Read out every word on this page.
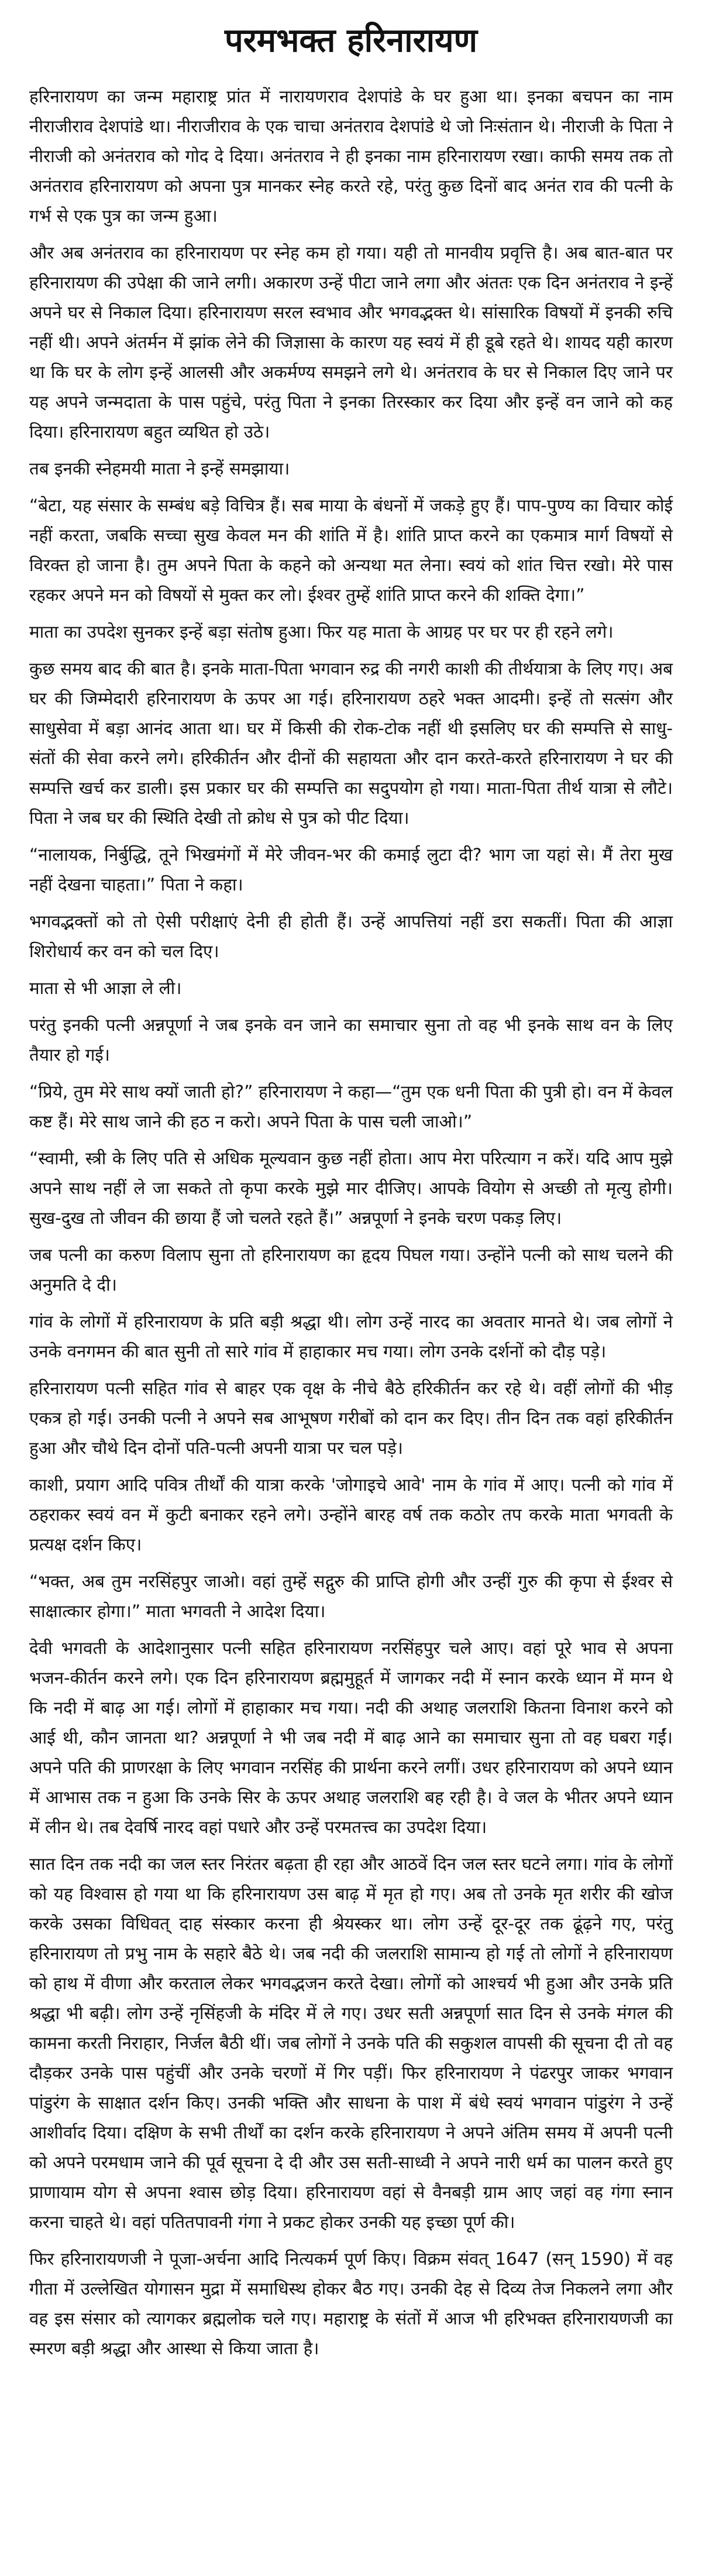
परमभक्त हरिनारायण

हरिनारायण का जन्म महाराष्ट्र प्रांत में नारायणराव देशपांडे के घर हुआ था। इनका बचपन का नाम नीराजीराव देशपांडे था। नीराजीराव के एक चाचा अनंतराव देशपांडे थे जो निःसंतान थे। नीराजी के पिता ने नीराजी को अनंतराव को गोद दे दिया। अनंतराव ने ही इनका नाम हरिनारायण रखा। काफी समय तक तो अनंतराव हरिनारायण को अपना पुत्र मानकर स्नेह करते रहे, परंतु कुछ दिनों बाद अनंत राव की पत्नी के गर्भ से एक पुत्र का जन्म हुआ।

और अब अनंतराव का हरिनारायण पर स्नेह कम हो गया। यही तो मानवीय प्रवृत्ति है। अब बात-बात पर हरिनारायण की उपेक्षा की जाने लगी। अकारण उन्हें पीटा जाने लगा और अंततः एक दिन अनंतराव ने इन्हें अपने घर से निकाल दिया। हरिनारायण सरल स्वभाव और भगवद्भक्त थे। सांसारिक विषयों में इनकी रुचि नहीं थी। अपने अंतर्मन में झांक लेने की जिज्ञासा के कारण यह स्वयं में ही डूबे रहते थे। शायद यही कारण था कि घर के लोग इन्हें आलसी और अकर्मण्य समझने लगे थे। अनंतराव के घर से निकाल दिए जाने पर यह अपने जन्मदाता के पास पहुंचे, परंतु पिता ने इनका तिरस्कार कर दिया और इन्हें वन जाने को कह दिया। हरिनारायण बहुत व्यथित हो उठे।

तब इनकी स्नेहमयी माता ने इन्हें समझाया।

“बेटा, यह संसार के सम्बंध बड़े विचित्र हैं। सब माया के बंधनों में जकड़े हुए हैं। पाप-पुण्य का विचार कोई नहीं करता, जबकि सच्चा सुख केवल मन की शांति में है। शांति प्राप्त करने का एकमात्र मार्ग विषयों से विरक्त हो जाना है। तुम अपने पिता के कहने को अन्यथा मत लेना। स्वयं को शांत चित्त रखो। मेरे पास रहकर अपने मन को विषयों से मुक्त कर लो। ईश्वर तुम्हें शांति प्राप्त करने की शक्ति देगा।”

माता का उपदेश सुनकर इन्हें बड़ा संतोष हुआ। फिर यह माता के आग्रह पर घर पर ही रहने लगे।

कुछ समय बाद की बात है। इनके माता-पिता भगवान रुद्र की नगरी काशी की तीर्थयात्रा के लिए गए। अब घर की जिम्मेदारी हरिनारायण के ऊपर आ गई। हरिनारायण ठहरे भक्त आदमी। इन्हें तो सत्संग और साधुसेवा में बड़ा आनंद आता था। घर में किसी की रोक-टोक नहीं थी इसलिए घर की सम्पत्ति से साधु-संतों की सेवा करने लगे। हरिकीर्तन और दीनों की सहायता और दान करते-करते हरिनारायण ने घर की सम्पत्ति खर्च कर डाली। इस प्रकार घर की सम्पत्ति का सदुपयोग हो गया। माता-पिता तीर्थ यात्रा से लौटे। पिता ने जब घर की स्थिति देखी तो क्रोध से पुत्र को पीट दिया।

“नालायक, निर्बुद्धि, तूने भिखमंगों में मेरे जीवन-भर की कमाई लुटा दी? भाग जा यहां से। मैं तेरा मुख नहीं देखना चाहता।” पिता ने कहा।

भगवद्भक्तों को तो ऐसी परीक्षाएं देनी ही होती हैं। उन्हें आपत्तियां नहीं डरा सकतीं। पिता की आज्ञा शिरोधार्य कर वन को चल दिए।

माता से भी आज्ञा ले ली।

परंतु इनकी पत्नी अन्नपूर्णा ने जब इनके वन जाने का समाचार सुना तो वह भी इनके साथ वन के लिए तैयार हो गई।

“प्रिये, तुम मेरे साथ क्यों जाती हो?” हरिनारायण ने कहा—“तुम एक धनी पिता की पुत्री हो। वन में केवल कष्ट हैं। मेरे साथ जाने की हठ न करो। अपने पिता के पास चली जाओ।”

“स्वामी, स्त्री के लिए पति से अधिक मूल्यवान कुछ नहीं होता। आप मेरा परित्याग न करें। यदि आप मुझे अपने साथ नहीं ले जा सकते तो कृपा करके मुझे मार दीजिए। आपके वियोग से अच्छी तो मृत्यु होगी। सुख-दुख तो जीवन की छाया हैं जो चलते रहते हैं।” अन्नपूर्णा ने इनके चरण पकड़ लिए।

जब पत्नी का करुण विलाप सुना तो हरिनारायण का हृदय पिघल गया। उन्होंने पत्नी को साथ चलने की अनुमति दे दी।

गांव के लोगों में हरिनारायण के प्रति बड़ी श्रद्धा थी। लोग उन्हें नारद का अवतार मानते थे। जब लोगों ने उनके वनगमन की बात सुनी तो सारे गांव में हाहाकार मच गया। लोग उनके दर्शनों को दौड़ पड़े।

हरिनारायण पत्नी सहित गांव से बाहर एक वृक्ष के नीचे बैठे हरिकीर्तन कर रहे थे। वहीं लोगों की भीड़ एकत्र हो गई। उनकी पत्नी ने अपने सब आभूषण गरीबों को दान कर दिए। तीन दिन तक वहां हरिकीर्तन हुआ और चौथे दिन दोनों पति-पत्नी अपनी यात्रा पर चल पड़े।

काशी, प्रयाग आदि पवित्र तीर्थों की यात्रा करके 'जोगाइचे आवे' नाम के गांव में आए। पत्नी को गांव में ठहराकर स्वयं वन में कुटी बनाकर रहने लगे। उन्होंने बारह वर्ष तक कठोर तप करके माता भगवती के प्रत्यक्ष दर्शन किए।

“भक्त, अब तुम नरसिंहपुर जाओ। वहां तुम्हें सद्गुरु की प्राप्ति होगी और उन्हीं गुरु की कृपा से ईश्वर से साक्षात्कार होगा।” माता भगवती ने आदेश दिया।

देवी भगवती के आदेशानुसार पत्नी सहित हरिनारायण नरसिंहपुर चले आए। वहां पूरे भाव से अपना भजन-कीर्तन करने लगे। एक दिन हरिनारायण ब्रह्ममुहूर्त में जागकर नदी में स्नान करके ध्यान में मग्न थे कि नदी में बाढ़ आ गई। लोगों में हाहाकार मच गया। नदी की अथाह जलराशि कितना विनाश करने को आई थी, कौन जानता था? अन्नपूर्णा ने भी जब नदी में बाढ़ आने का समाचार सुना तो वह घबरा गईं। अपने पति की प्राणरक्षा के लिए भगवान नरसिंह की प्रार्थना करने लगीं। उधर हरिनारायण को अपने ध्यान में आभास तक न हुआ कि उनके सिर के ऊपर अथाह जलराशि बह रही है। वे जल के भीतर अपने ध्यान में लीन थे। तब देवर्षि नारद वहां पधारे और उन्हें परमतत्त्व का उपदेश दिया।

सात दिन तक नदी का जल स्तर निरंतर बढ़ता ही रहा और आठवें दिन जल स्तर घटने लगा। गांव के लोगों को यह विश्वास हो गया था कि हरिनारायण उस बाढ़ में मृत हो गए। अब तो उनके मृत शरीर की खोज करके उसका विधिवत् दाह संस्कार करना ही श्रेयस्कर था। लोग उन्हें दूर-दूर तक ढूंढ़ने गए, परंतु हरिनारायण तो प्रभु नाम के सहारे बैठे थे। जब नदी की जलराशि सामान्य हो गई तो लोगों ने हरिनारायण को हाथ में वीणा और करताल लेकर भगवद्भजन करते देखा। लोगों को आश्चर्य भी हुआ और उनके प्रति श्रद्धा भी बढ़ी। लोग उन्हें नृसिंहजी के मंदिर में ले गए। उधर सती अन्नपूर्णा सात दिन से उनके मंगल की कामना करती निराहार, निर्जल बैठी थीं। जब लोगों ने उनके पति की सकुशल वापसी की सूचना दी तो वह दौड़कर उनके पास पहुंचीं और उनके चरणों में गिर पड़ीं। फिर हरिनारायण ने पंढरपुर जाकर भगवान पांडुरंग के साक्षात दर्शन किए। उनकी भक्ति और साधना के पाश में बंधे स्वयं भगवान पांडुरंग ने उन्हें आशीर्वाद दिया। दक्षिण के सभी तीर्थों का दर्शन करके हरिनारायण ने अपने अंतिम समय में अपनी पत्नी को अपने परमधाम जाने की पूर्व सूचना दे दी और उस सती-साध्वी ने अपने नारी धर्म का पालन करते हुए प्राणायाम योग से अपना श्वास छोड़ दिया। हरिनारायण वहां से वैनबड़ी ग्राम आए जहां वह गंगा स्नान करना चाहते थे। वहां पतितपावनी गंगा ने प्रकट होकर उनकी यह इच्छा पूर्ण की।

फिर हरिनारायणजी ने पूजा-अर्चना आदि नित्यकर्म पूर्ण किए। विक्रम संवत् 1647 (सन् 1590) में वह गीता में उल्लेखित योगासन मुद्रा में समाधिस्थ होकर बैठ गए। उनकी देह से दिव्य तेज निकलने लगा और वह इस संसार को त्यागकर ब्रह्मलोक चले गए। महाराष्ट्र के संतों में आज भी हरिभक्त हरिनारायणजी का स्मरण बड़ी श्रद्धा और आस्था से किया जाता है।
